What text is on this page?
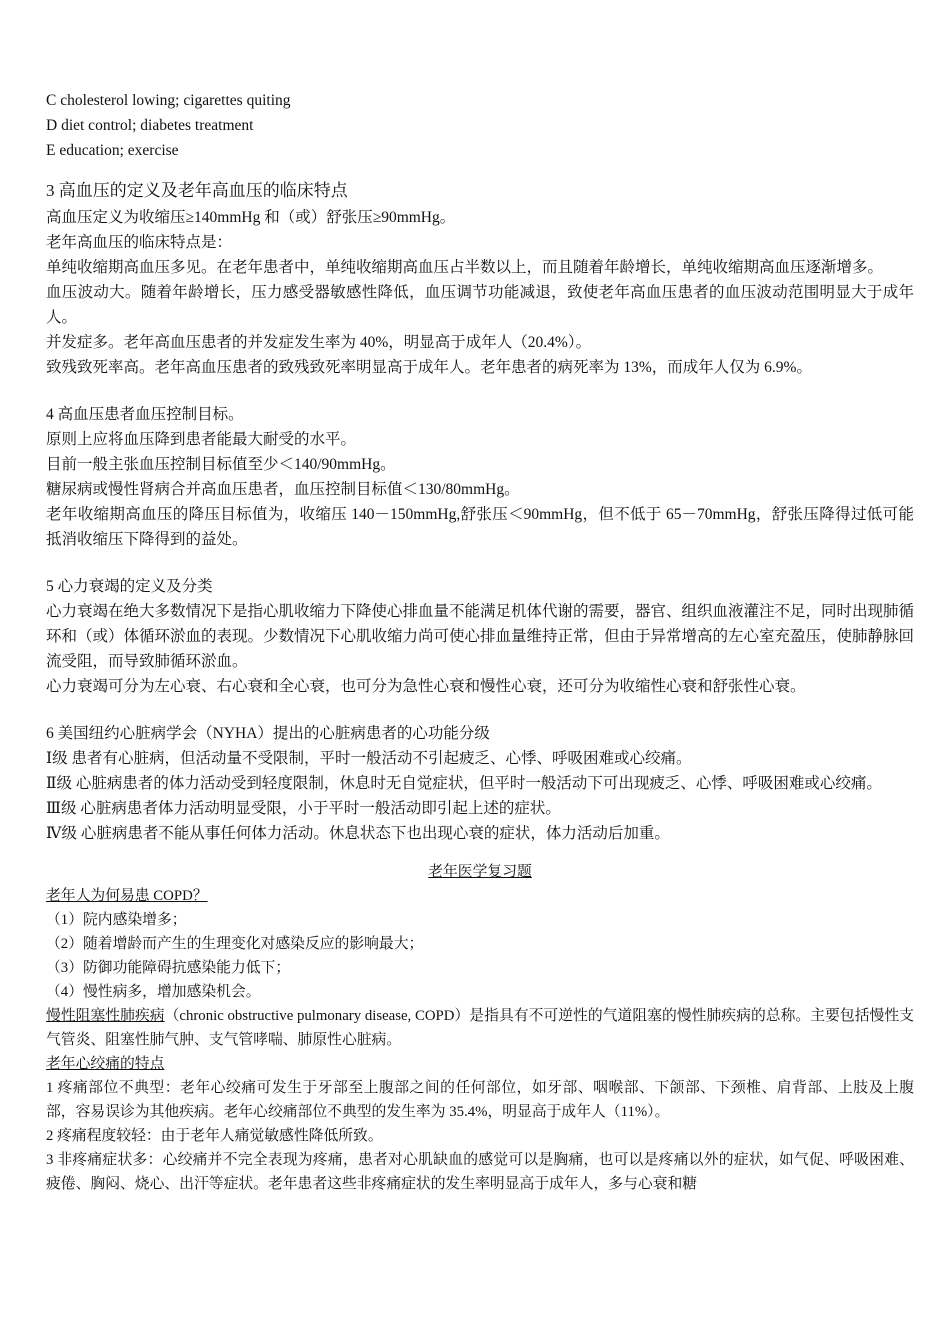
C cholesterol lowing; cigarettes quiting
D diet control; diabetes treatment
E education; exercise
3 高血压的定义及老年高血压的临床特点
高血压定义为收缩压≥140mmHg 和（或）舒张压≥90mmHg。
老年高血压的临床特点是：
单纯收缩期高血压多见。在老年患者中，单纯收缩期高血压占半数以上，而且随着年龄增长，单纯收缩期高血压逐渐增多。
血压波动大。随着年龄增长，压力感受器敏感性降低，血压调节功能减退，致使老年高血压患者的血压波动范围明显大于成年人。
并发症多。老年高血压患者的并发症发生率为 40%，明显高于成年人（20.4%）。
致残致死率高。老年高血压患者的致残致死率明显高于成年人。老年患者的病死率为 13%，而成年人仅为 6.9%。
4 高血压患者血压控制目标。
原则上应将血压降到患者能最大耐受的水平。
目前一般主张血压控制目标值至少＜140/90mmHg。
糖尿病或慢性肾病合并高血压患者，血压控制目标值＜130/80mmHg。
老年收缩期高血压的降压目标值为，收缩压 140－150mmHg,舒张压＜90mmHg，但不低于 65－70mmHg，舒张压降得过低可能抵消收缩压下降得到的益处。
5 心力衰竭的定义及分类
心力衰竭在绝大多数情况下是指心肌收缩力下降使心排血量不能满足机体代谢的需要，器官、组织血液灌注不足，同时出现肺循环和（或）体循环淤血的表现。少数情况下心肌收缩力尚可使心排血量维持正常，但由于异常增高的左心室充盈压，使肺静脉回流受阻，而导致肺循环淤血。
心力衰竭可分为左心衰、右心衰和全心衰，也可分为急性心衰和慢性心衰，还可分为收缩性心衰和舒张性心衰。
6 美国纽约心脏病学会（NYHA）提出的心脏病患者的心功能分级
Ⅰ级 患者有心脏病，但活动量不受限制，平时一般活动不引起疲乏、心悸、呼吸困难或心绞痛。
Ⅱ级 心脏病患者的体力活动受到轻度限制，休息时无自觉症状，但平时一般活动下可出现疲乏、心悸、呼吸困难或心绞痛。
Ⅲ级 心脏病患者体力活动明显受限，小于平时一般活动即引起上述的症状。
Ⅳ级 心脏病患者不能从事任何体力活动。休息状态下也出现心衰的症状，体力活动后加重。
老年医学复习题
老年人为何易患 COPD？
（1）院内感染增多；
（2）随着增龄而产生的生理变化对感染反应的影响最大；
（3）防御功能障碍抗感染能力低下；
（4）慢性病多，增加感染机会。
慢性阻塞性肺疾病（chronic obstructive pulmonary disease, COPD）是指具有不可逆性的气道阻塞的慢性肺疾病的总称。主要包括慢性支气管炎、阻塞性肺气肿、支气管哮喘、肺原性心脏病。
老年心绞痛的特点
1 疼痛部位不典型：老年心绞痛可发生于牙部至上腹部之间的任何部位，如牙部、咽喉部、下颌部、下颈椎、肩背部、上肢及上腹部，容易误诊为其他疾病。老年心绞痛部位不典型的发生率为 35.4%，明显高于成年人（11%）。
2 疼痛程度较轻：由于老年人痛觉敏感性降低所致。
3 非疼痛症状多：心绞痛并不完全表现为疼痛，患者对心肌缺血的感觉可以是胸痛，也可以是疼痛以外的症状，如气促、呼吸困难、疲倦、胸闷、烧心、出汗等症状。老年患者这些非疼痛症状的发生率明显高于成年人，多与心衰和糖
